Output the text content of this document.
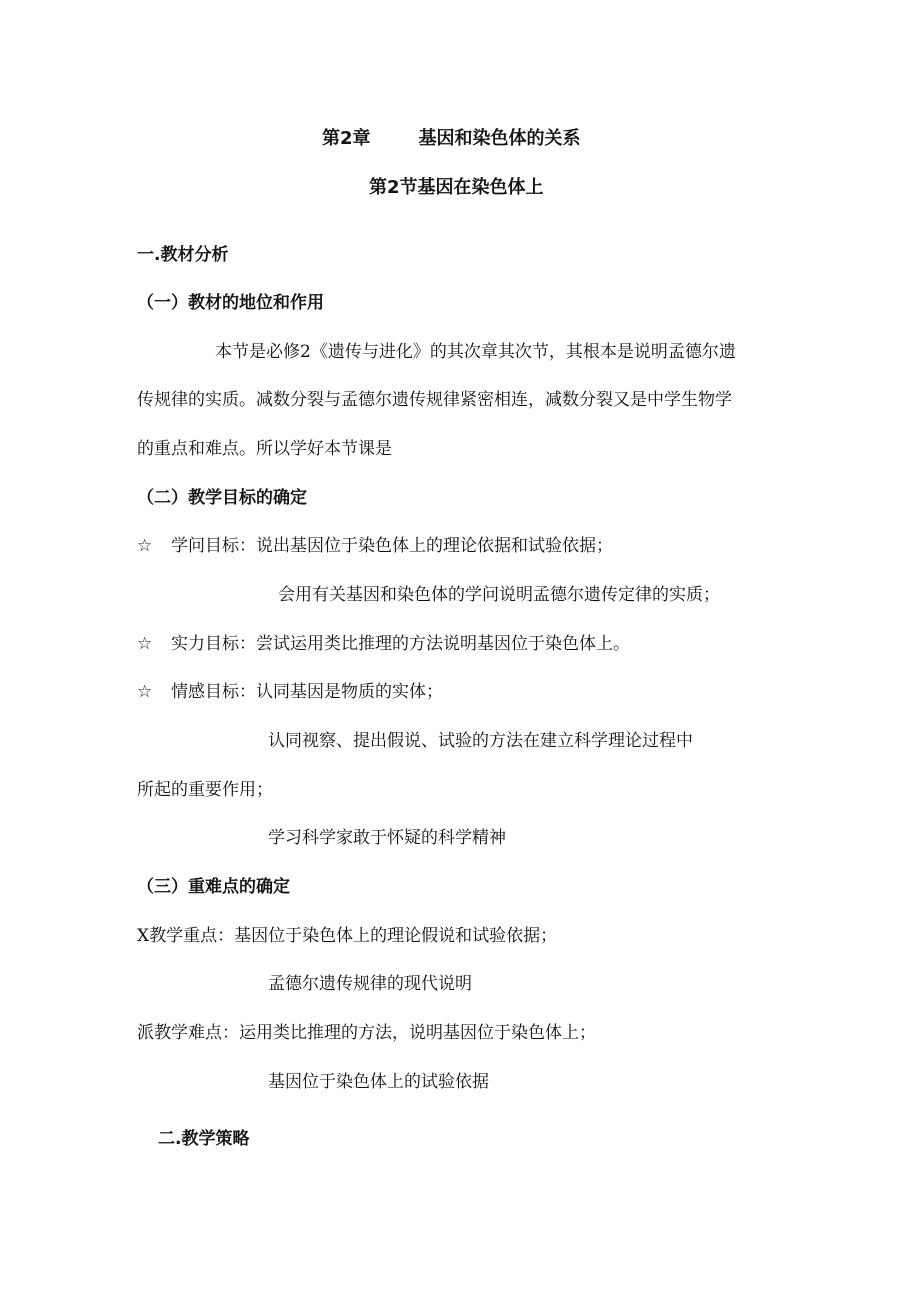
第2章	基因和染色体的关系
第2节基因在染色体上
一.教材分析
（一）教材的地位和作用
本节是必修2《遗传与进化》的其次章其次节，其根本是说明孟德尔遗
传规律的实质。减数分裂与孟德尔遗传规律紧密相连，减数分裂又是中学生物学
的重点和难点。所以学好本节课是
（二）教学目标的确定
☆ 学问目标：说出基因位于染色体上的理论依据和试验依据；
会用有关基因和染色体的学问说明孟德尔遗传定律的实质；
☆ 实力目标：尝试运用类比推理的方法说明基因位于染色体上。
☆ 情感目标：认同基因是物质的实体；
认同视察、提出假说、试验的方法在建立科学理论过程中
所起的重要作用；
学习科学家敢于怀疑的科学精神
（三）重难点的确定
X教学重点：基因位于染色体上的理论假说和试验依据；
孟德尔遗传规律的现代说明
派教学难点：运用类比推理的方法，说明基因位于染色体上；
基因位于染色体上的试验依据
二.教学策略
